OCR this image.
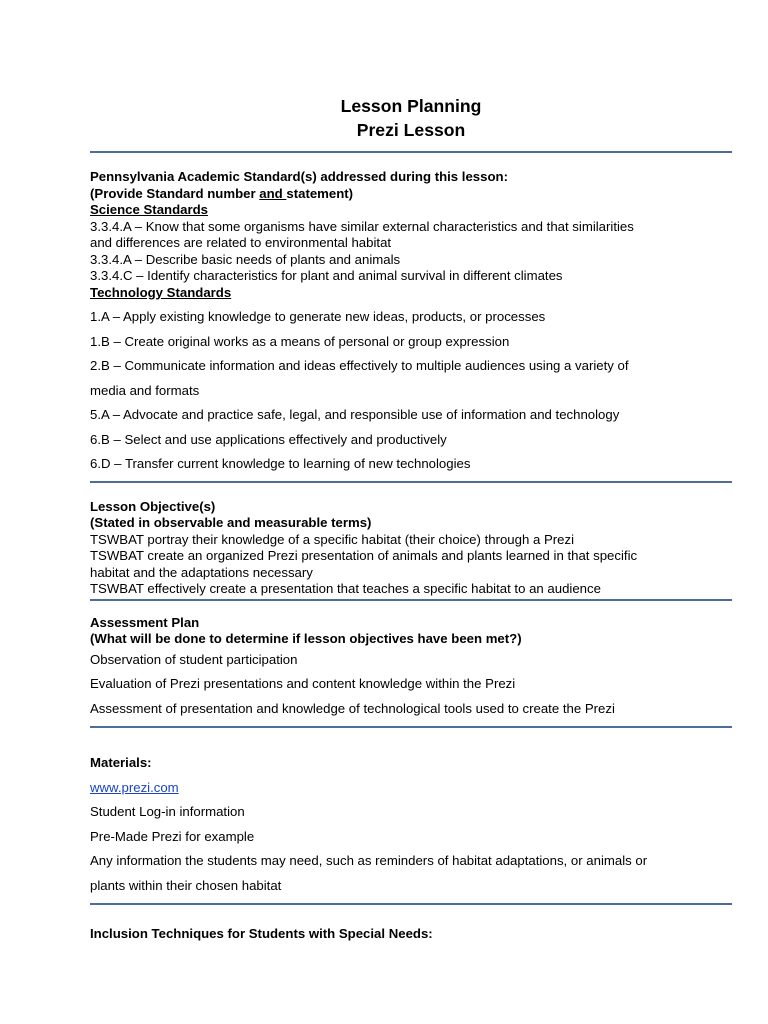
Lesson Planning
Prezi Lesson
Pennsylvania Academic Standard(s) addressed during this lesson:
(Provide Standard number and statement)
Science Standards
3.3.4.A – Know that some organisms have similar external characteristics and that similarities
and differences are related to environmental habitat
3.3.4.A – Describe basic needs of plants and animals
3.3.4.C – Identify characteristics for plant and animal survival in different climates
Technology Standards
1.A – Apply existing knowledge to generate new ideas, products, or processes
1.B – Create original works as a means of personal or group expression
2.B – Communicate information and ideas effectively to multiple audiences using a variety of
media and formats
5.A – Advocate and practice safe, legal, and responsible use of information and technology
6.B – Select and use applications effectively and productively
6.D – Transfer current knowledge to learning of new technologies
Lesson Objective(s)
(Stated in observable and measurable terms)
TSWBAT portray their knowledge of a specific habitat (their choice) through a Prezi
TSWBAT create an organized Prezi presentation of animals and plants learned in that specific
habitat and the adaptations necessary
TSWBAT effectively create a presentation that teaches a specific habitat to an audience
Assessment Plan
(What will be done to determine if lesson objectives have been met?)
Observation of student participation
Evaluation of Prezi presentations and content knowledge within the Prezi
Assessment of presentation and knowledge of technological tools used to create the Prezi
Materials:
www.prezi.com
Student Log-in information
Pre-Made Prezi for example
Any information the students may need, such as reminders of habitat adaptations, or animals or
plants within their chosen habitat
Inclusion Techniques for Students with Special Needs:
